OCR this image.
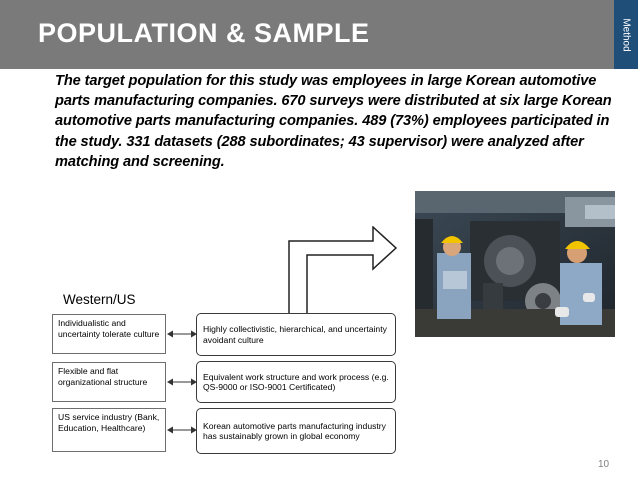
POPULATION & SAMPLE	Method

The target population for this study was employees in large Korean automotive parts manufacturing companies. 670 surveys were distributed at six large Korean automotive parts manufacturing companies. 489 (73%) employees participated in the study. 331 datasets (288 subordinates; 43 supervisor) were analyzed after matching and screening.

Western/US
Individualistic and uncertainty tolerate culture
Flexible and flat organizational structure
US service industry (Bank, Education, Healthcare)
Highly collectivistic, hierarchical, and uncertainty avoidant culture
Equivalent work structure and work process (e.g. QS-9000 or ISO-9001 Certificated)
Korean automotive parts manufacturing industry has sustainably grown in global economy
10
